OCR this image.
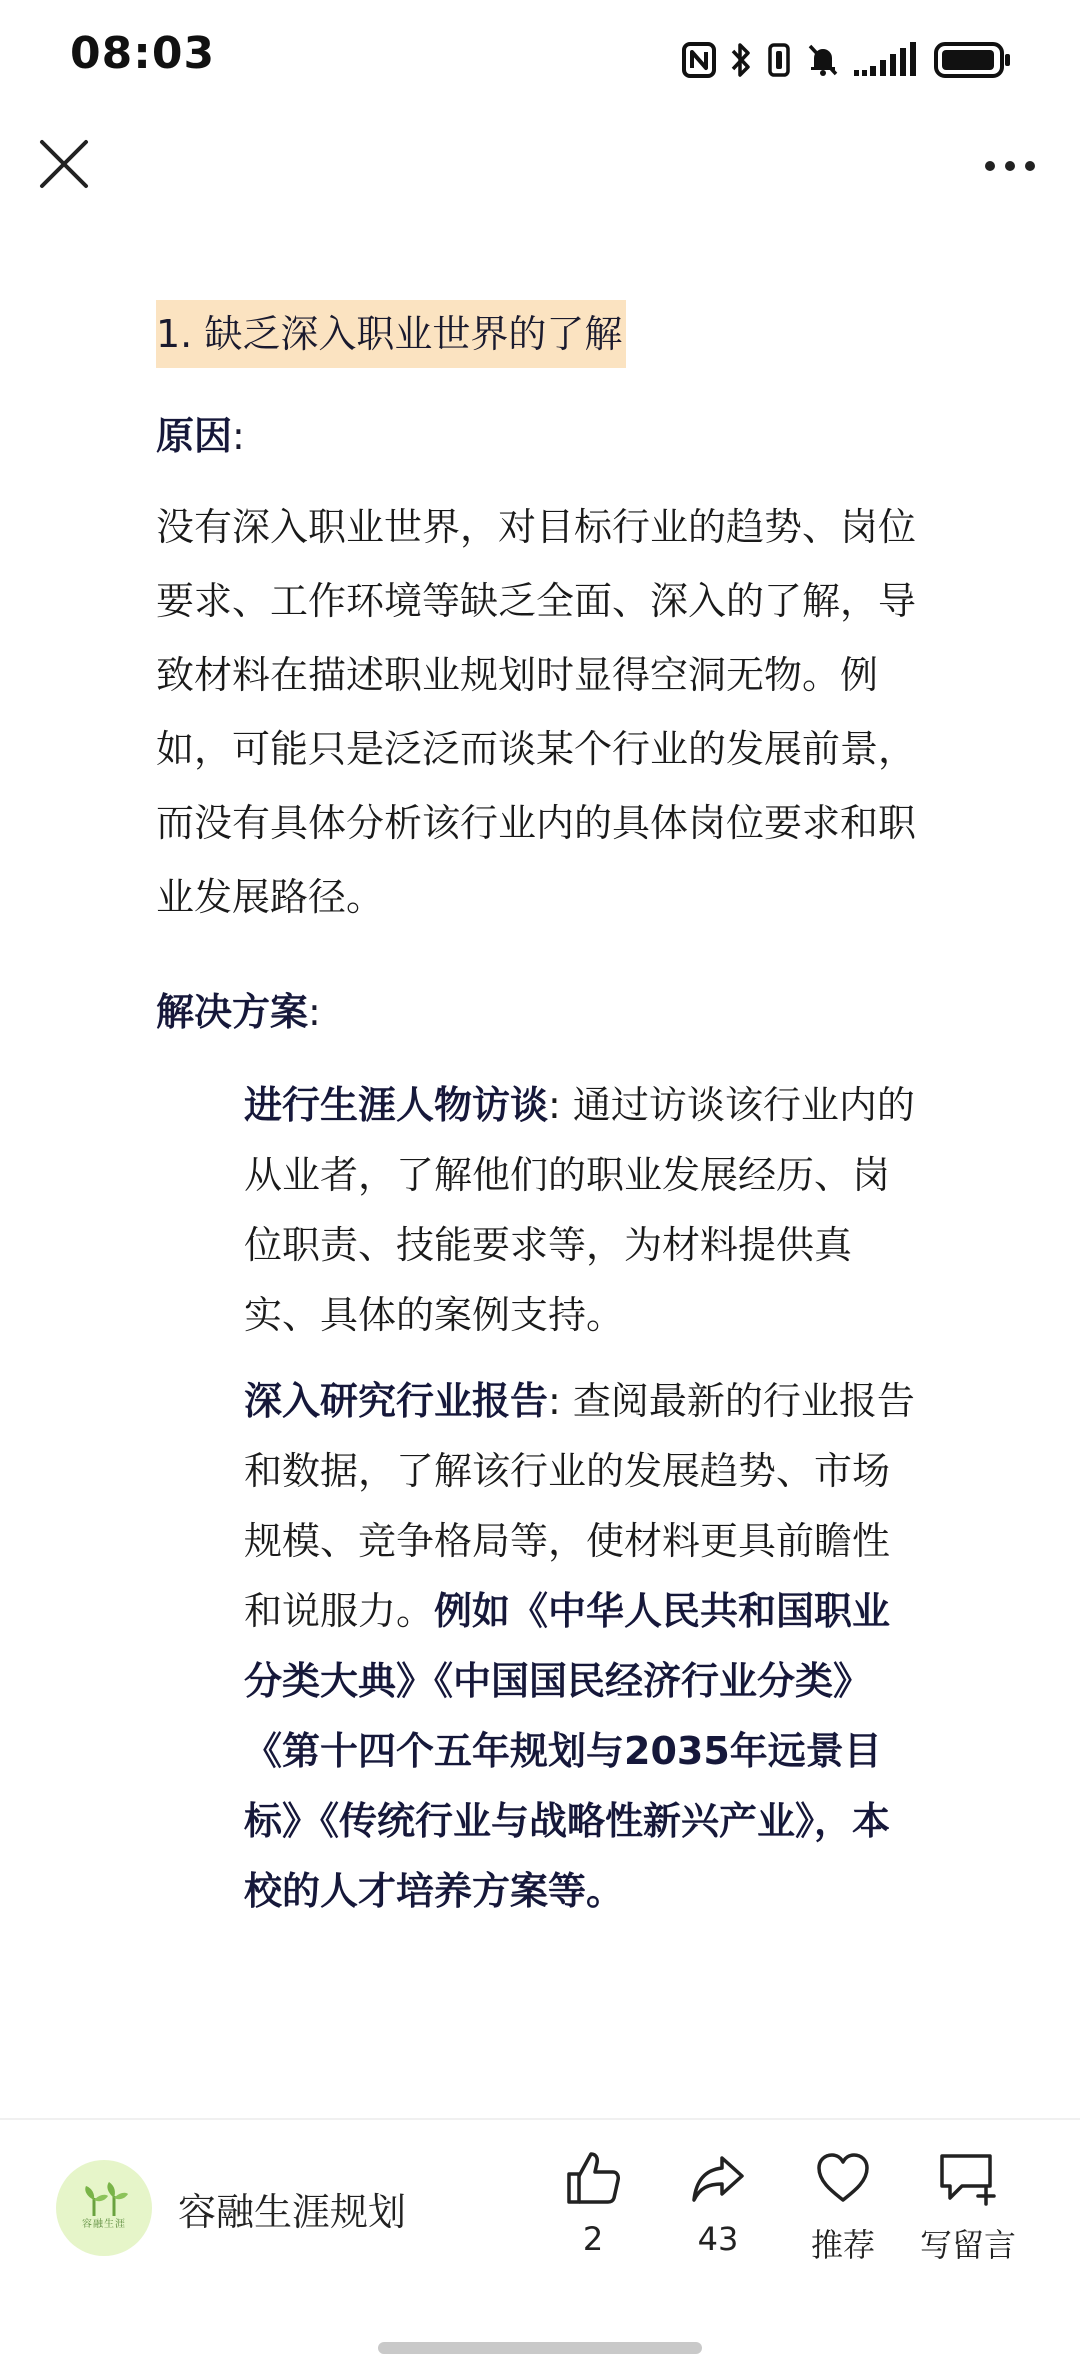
08:03
1. 缺乏深入职业世界的了解
原因:
没有深入职业世界，对目标行业的趋势、岗位要求、工作环境等缺乏全面、深入的了解，导致材料在描述职业规划时显得空洞无物。例如，可能只是泛泛而谈某个行业的发展前景，而没有具体分析该行业内的具体岗位要求和职业发展路径。
解决方案:
进行生涯人物访谈: 通过访谈该行业内的从业者，了解他们的职业发展经历、岗位职责、技能要求等，为材料提供真实、具体的案例支持。
深入研究行业报告: 查阅最新的行业报告和数据，了解该行业的发展趋势、市场规模、竞争格局等，使材料更具前瞻性和说服力。例如《中华人民共和国职业分类大典》《中国国民经济行业分类》《第十四个五年规划与2035年远景目标》《传统行业与战略性新兴产业》，本校的人才培养方案等。
容融生涯 容融生涯规划
2	43 推荐 写留言
